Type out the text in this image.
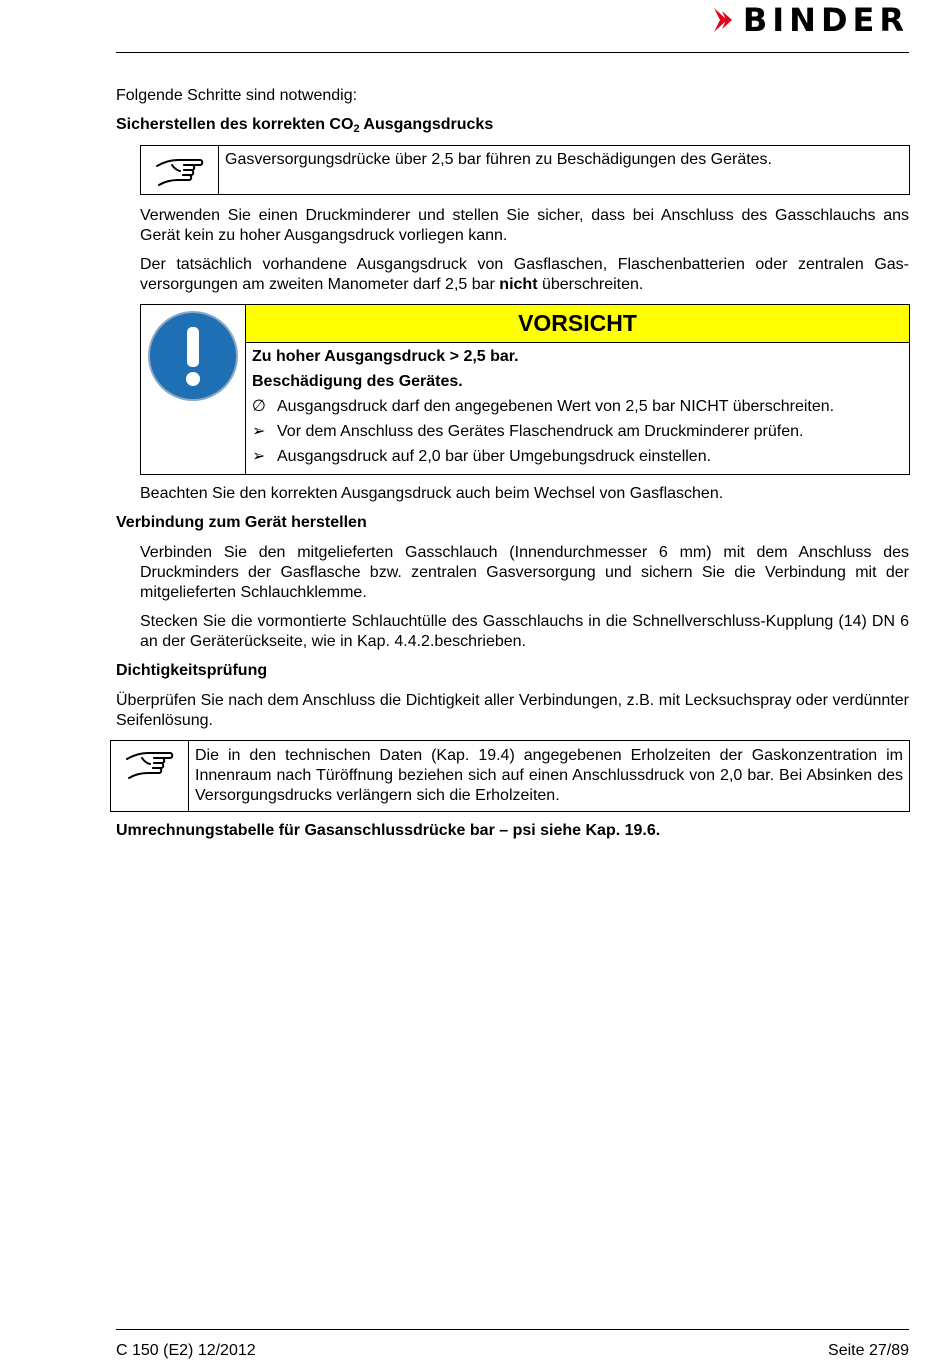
BINDER
Folgende Schritte sind notwendig:
Sicherstellen des korrekten $CO_2$ Ausgangsdrucks
	Gasversorgungsdrücke über 2,5 bar führen zu Beschädigungen des Gerätes.
Verwenden Sie einen Druckminderer und stellen Sie sicher, dass bei Anschluss des Gasschlauchs ans Gerät kein zu hoher Ausgangsdruck vorliegen kann.
Der tatsächlich vorhandene Ausgangsdruck von Gasflaschen, Flaschenbatterien oder zentralen Gasversorgungen am zweiten Manometer darf 2,5 bar nicht überschreiten.

VORSICHT
Zu hoher Ausgangsdruck > 2,5 bar.
Beschädigung des Gerätes.
∅ Ausgangsdruck darf den angegebenen Wert von 2,5 bar NICHT überschreiten.
➢ Vor dem Anschluss des Gerätes Flaschendruck am Druckminderer prüfen.
➢ Ausgangsdruck auf 2,0 bar über Umgebungsdruck einstellen.
Beachten Sie den korrekten Ausgangsdruck auch beim Wechsel von Gasflaschen.
Verbindung zum Gerät herstellen
Verbinden Sie den mitgelieferten Gasschlauch (Innendurchmesser 6 mm) mit dem Anschluss des Druckminders der Gasflasche bzw. zentralen Gasversorgung und sichern Sie die Verbindung mit der mitgelieferten Schlauchklemme.
Stecken Sie die vormontierte Schlauchtülle des Gasschlauchs in die Schnellverschluss-Kupplung (14) DN 6 an der Geräterückseite, wie in Kap. 4.4.2.beschrieben.
Dichtigkeitsprüfung
Überprüfen Sie nach dem Anschluss die Dichtigkeit aller Verbindungen, z.B. mit Lecksuchspray oder verdünnter Seifenlösung.
	Die in den technischen Daten (Kap. 19.4) angegebenen Erholzeiten der Gaskonzentration im Innenraum nach Türöffnung beziehen sich auf einen Anschlussdruck von 2,0 bar. Bei Absinken des Versorgungsdrucks verlängern sich die Erholzeiten.
Umrechnungstabelle für Gasanschlussdrücke bar – psi siehe Kap. 19.6.
C 150 (E2) 12/2012	Seite 27/89
